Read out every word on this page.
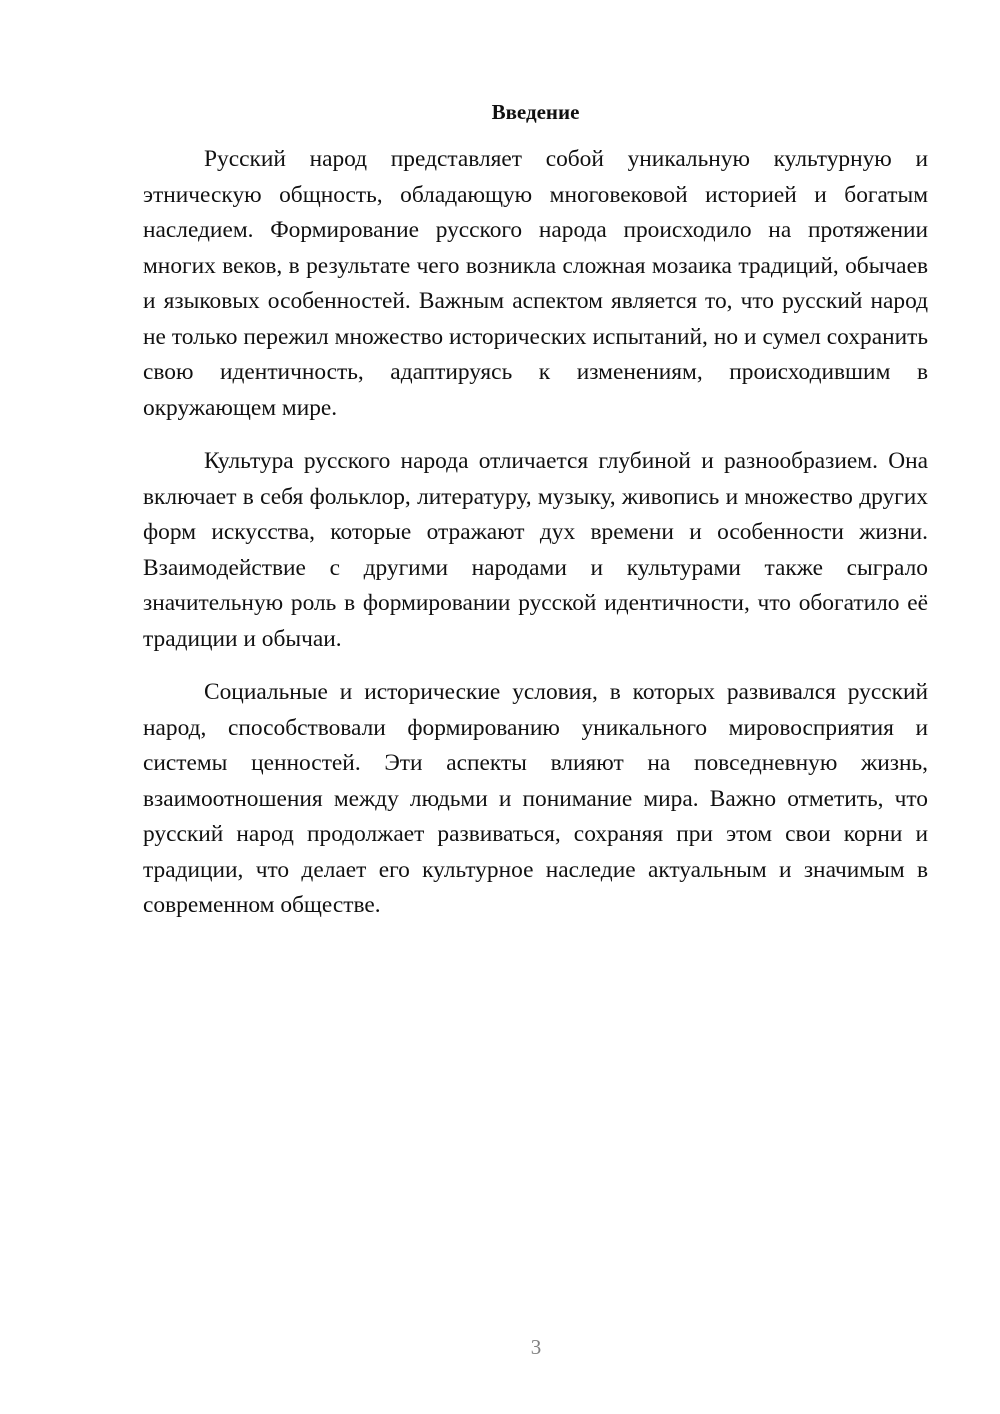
Введение

Русский народ представляет собой уникальную культурную и этническую общность, обладающую многовековой историей и богатым наследием. Формирование русского народа происходило на протяжении многих веков, в результате чего возникла сложная мозаика традиций, обычаев и языковых особенностей. Важным аспектом является то, что русский народ не только пережил множество исторических испытаний, но и сумел сохранить свою идентичность, адаптируясь к изменениям, происходившим в окружающем мире.

Культура русского народа отличается глубиной и разнообразием. Она включает в себя фольклор, литературу, музыку, живопись и множество других форм искусства, которые отражают дух времени и особенности жизни. Взаимодействие с другими народами и культурами также сыграло значительную роль в формировании русской идентичности, что обогатило её традиции и обычаи.

Социальные и исторические условия, в которых развивался русский народ, способствовали формированию уникального мировосприятия и системы ценностей. Эти аспекты влияют на повседневную жизнь, взаимоотношения между людьми и понимание мира. Важно отметить, что русский народ продолжает развиваться, сохраняя при этом свои корни и традиции, что делает его культурное наследие актуальным и значимым в современном обществе.

3
